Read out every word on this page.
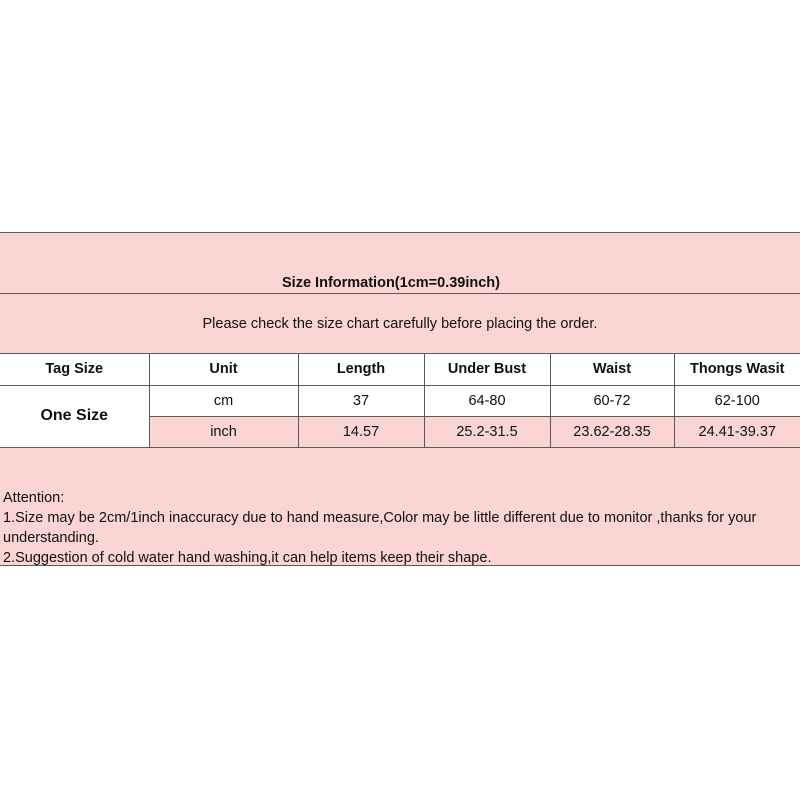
Size Information(1cm=0.39inch)
Please check the size chart carefully before placing the order.
Tag Size	Unit	Length	Under Bust	Waist	Thongs Wasit
One Size	cm	37	64-80	60-72	62-100
	inch	14.57	25.2-31.5	23.62-28.35	24.41-39.37
Attention:
1.Size may be 2cm/1inch inaccuracy due to hand measure,Color may be little different due to monitor ,thanks for your understanding.
2.Suggestion of cold water hand washing,it can help items keep their shape.
